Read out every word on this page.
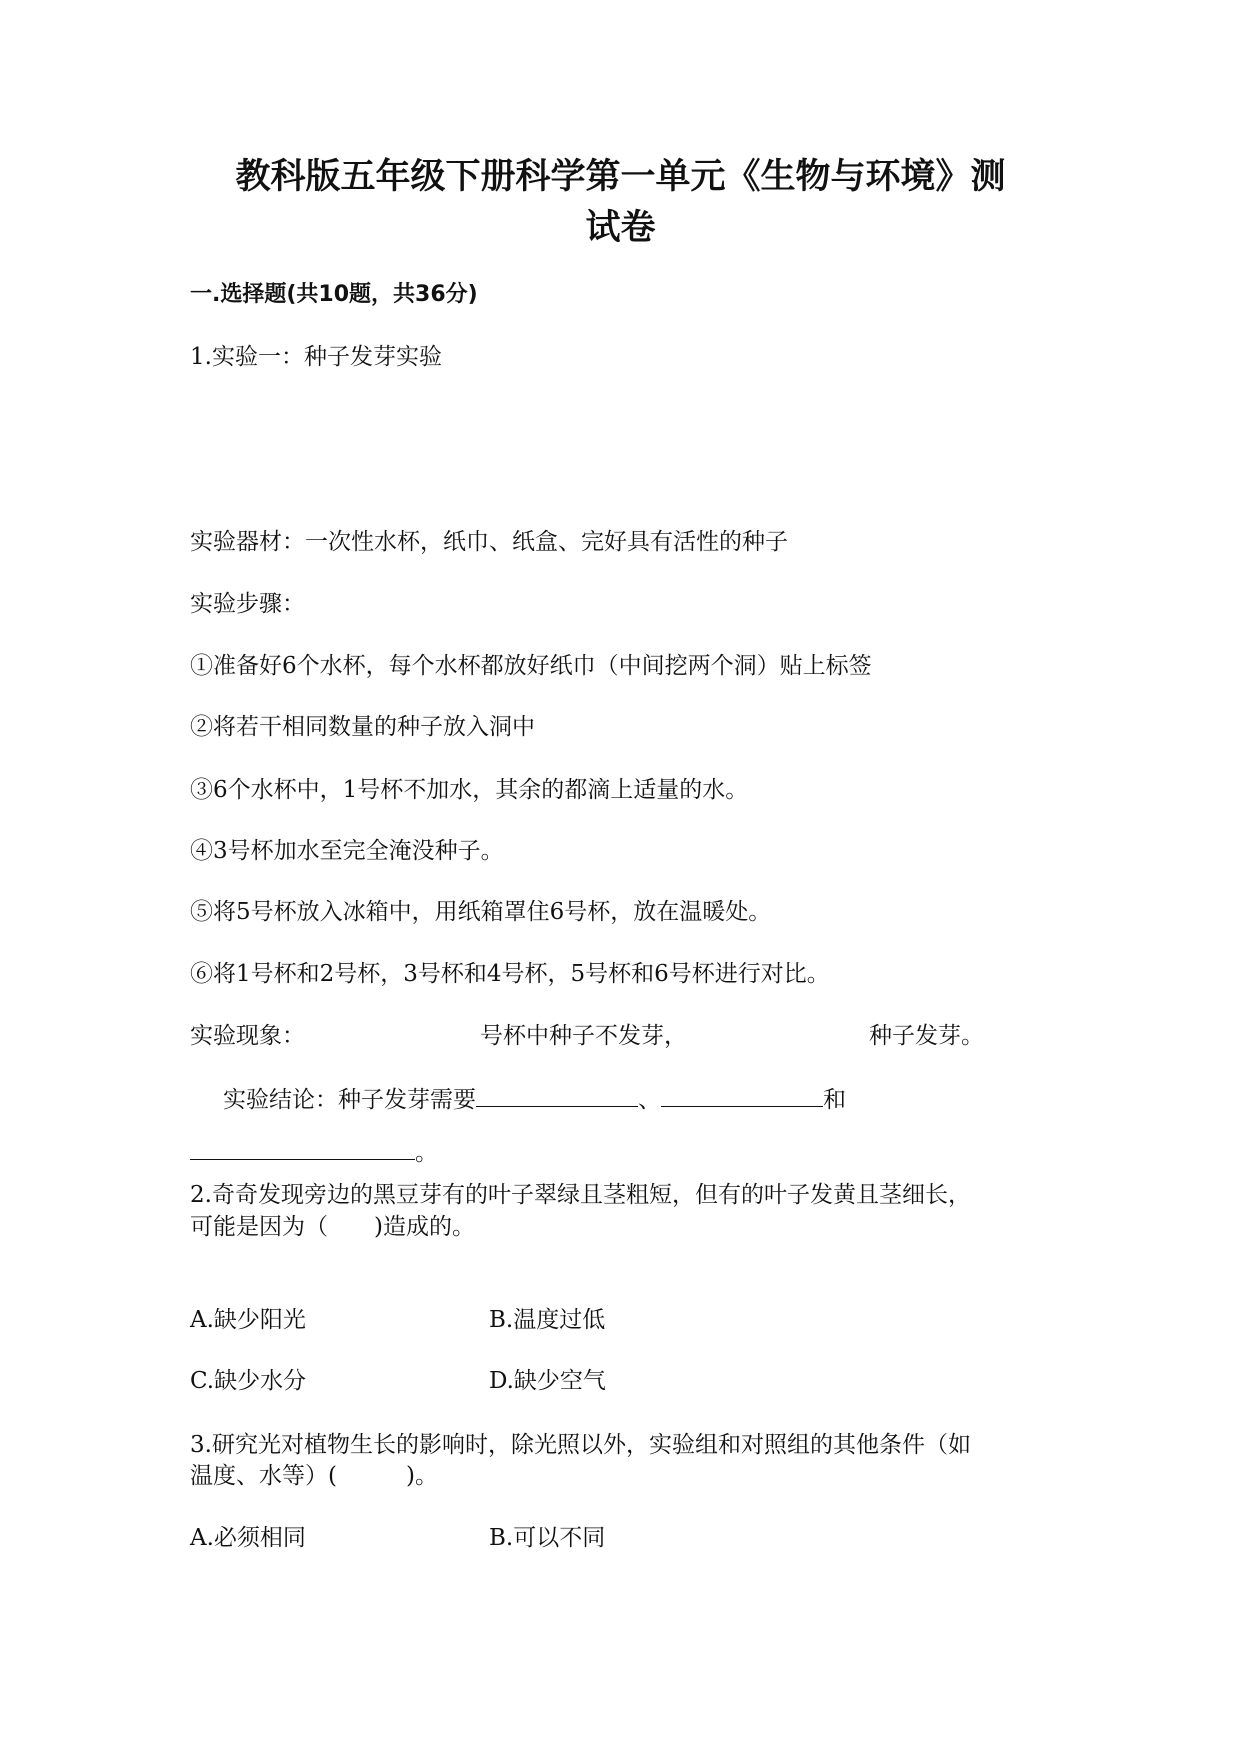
教科版五年级下册科学第一单元《生物与环境》测
试卷
一.选择题(共10题，共36分)
1.实验一：种子发芽实验
实验器材：一次性水杯，纸巾、纸盒、完好具有活性的种子
实验步骤：
①准备好6个水杯，每个水杯都放好纸巾（中间挖两个洞）贴上标签
②将若干相同数量的种子放入洞中
③6个水杯中，1号杯不加水，其余的都滴上适量的水。
④3号杯加水至完全淹没种子。
⑤将5号杯放入冰箱中，用纸箱罩住6号杯，放在温暖处。
⑥将1号杯和2号杯，3号杯和4号杯，5号杯和6号杯进行对比。
实验现象：	号杯中种子不发芽，	种子发芽。
实验结论：种子发芽需要	、	和
。
2.奇奇发现旁边的黑豆芽有的叶子翠绿且茎粗短，但有的叶子发黄且茎细长，
可能是因为（　　)造成的。
A.缺少阳光	B.温度过低
C.缺少水分	D.缺少空气
3.研究光对植物生长的影响时，除光照以外，实验组和对照组的其他条件（如
温度、水等）(　　　)。
A.必须相同	B.可以不同
